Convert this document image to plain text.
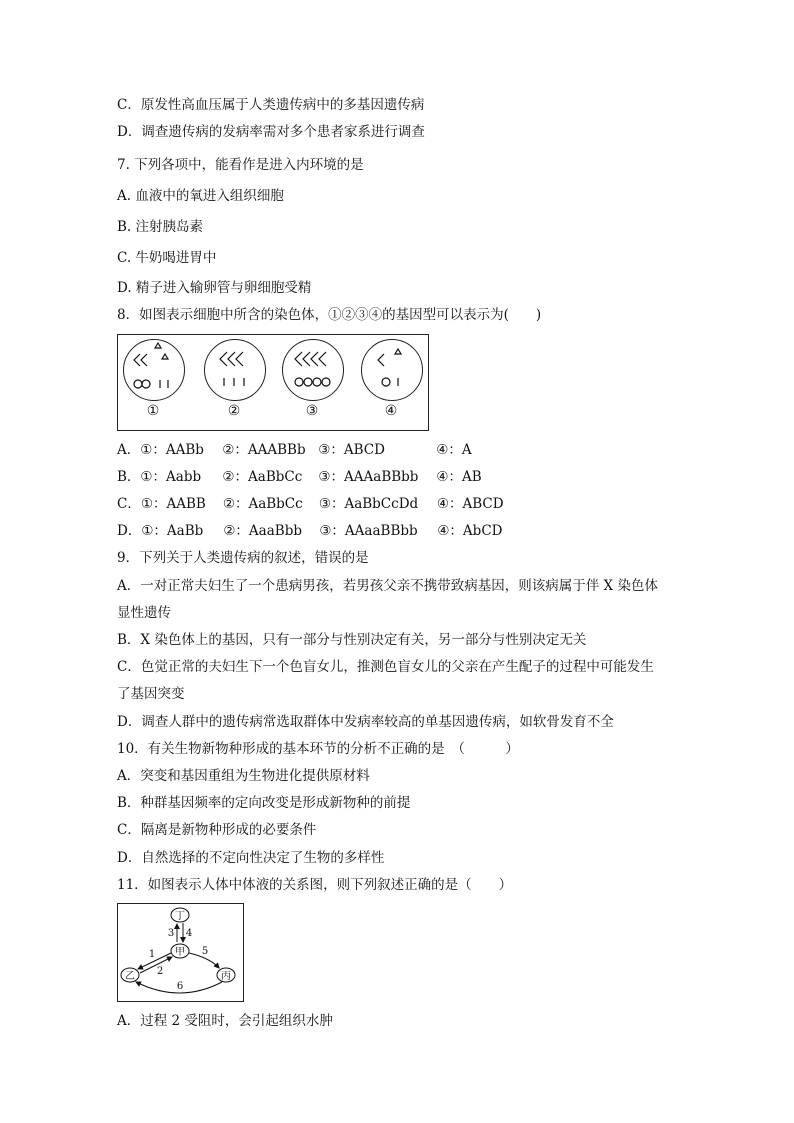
C．原发性高血压属于人类遗传病中的多基因遗传病
D．调查遗传病的发病率需对多个患者家系进行调查
7. 下列各项中，能看作是进入内环境的是
A. 血液中的氧进入组织细胞
B. 注射胰岛素
C. 牛奶喝进胃中
D. 精子进入输卵管与卵细胞受精
8．如图表示细胞中所含的染色体，①②③④的基因型可以表示为(　　)
①	②	③	④
A． ①：AABb	②：AAABBb ③：ABCD	④：A
B． ①：Aabb	②：AaBbCc	③：AAAaBBbb	④：AB
C． ①：AABB	②：AaBbCc	③：AaBbCcDd	④：ABCD
D． ①：AaBb	②：AaaBbb	③：AAaaBBbb	④：AbCD
9．下列关于人类遗传病的叙述，错误的是
A．一对正常夫妇生了一个患病男孩，若男孩父亲不携带致病基因，则该病属于伴 X 染色体
显性遗传
B．X 染色体上的基因，只有一部分与性别决定有关，另一部分与性别决定无关
C．色觉正常的夫妇生下一个色盲女儿，推测色盲女儿的父亲在产生配子的过程中可能发生
了基因突变
D．调查人群中的遗传病常选取群体中发病率较高的单基因遗传病，如软骨发育不全
10．有关生物新物种形成的基本环节的分析不正确的是　（　　　）
A．突变和基因重组为生物进化提供原材料
B．种群基因频率的定向改变是形成新物种的前提
C．隔离是新物种形成的必要条件
D．自然选择的不定向性决定了生物的多样性
11．如图表示人体中体液的关系图，则下列叙述正确的是（　　）
丁
甲
乙	丙
1
2
3 4
5
6
A．过程 2 受阻时，会引起组织水肿
